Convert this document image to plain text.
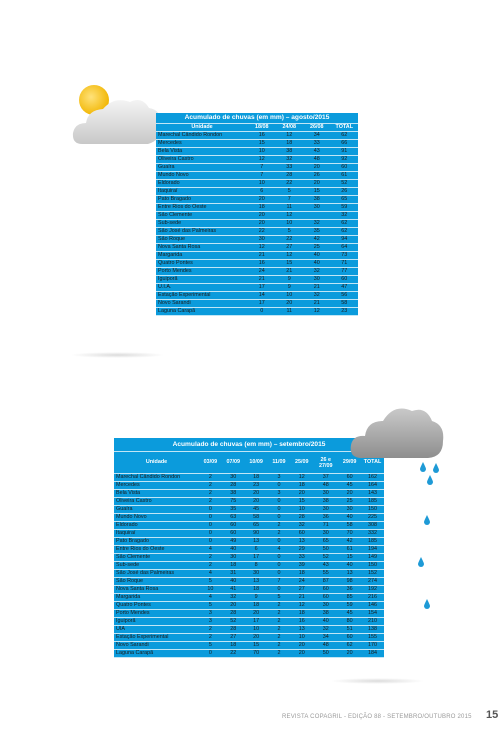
Acumulado de chuvas (em mm) – agosto/2015				
Unidade	18/08	24/08	26/08	TOTAL
Marechal Cândido Rondon	16	12	34	62
Mercedes	15	18	33	66
Bela Vista	10	38	43	91
Oliveira Castro	12	32	48	92
Guaíra	7	33	20	60
Mundo Novo	7	28	26	61
Eldorado	10	22	20	52
Itaquiraí	6	5	15	26
Pato Bragado	20	7	38	65
Entre Rios do Oeste	18	11	30	59
São Clemente	20	12		32
Sub-sede	20	10	32	62
São José das Palmeiras	22	5	35	62
São Roque	30	22	42	94
Nova Santa Rosa	12	27	25	64
Margarida	21	12	40	73
Quatro Pontes	16	15	40	71
Porto Mendes	24	21	32	77
Iguiporã	21	9	30	60
U.I.A.	17	9	21	47
Estação Experimental	14	10	32	56
Novo Sarandi	17	20	21	58
Laguna Carapã	0	11	12	23
Acumulado de chuvas (em mm) – setembro/2015								
Unidade	03/09	07/09	10/09	11/09	25/09	26 e 27/09	29/09	TOTAL
Marechal Cândido Rondon	2	30	18	3	12	37	60	162
Mercedes	2	28	23	0	18	48	45	164
Bela Vista	2	38	20	3	20	30	20	143
Oliveira Castro	2	75	20	0	15	38	25	185
Guaíra	0	35	45	0	10	30	30	150
Mundo Novo	0	63	58	0	28	36	40	225
Eldorado	0	60	65	2	32	71	58	308
Itaquiraí	0	60	90	2	60	30	70	332
Pato Bragado	0	49	13	0	13	65	42	185
Entre Rios do Oeste	4	40	6	4	29	50	61	194
São Clemente	2	30	17	0	33	52	15	149
Sub-sede	2	18	8	0	39	43	40	150
São José das Palmeiras	4	31	30	0	18	55	13	152
São Roque	5	40	13	7	24	87	98	274
Nova Santa Rosa	10	41	18	0	27	60	36	192
Margarida	4	32	9	5	21	60	85	216
Quatro Pontes	5	20	18	2	12	30	59	146
Porto Mendes	3	28	20	2	18	38	45	154
Iguiporã	3	52	17	2	16	40	80	210
UIA	2	28	10	2	13	32	51	138
Estação Experimental	2	27	20	2	10	34	60	155
Novo Sarandi	5	18	15	2	20	48	62	170
Laguna Carapã	0	22	70	2	20	50	20	184
REVISTA COPAGRIL - EDIÇÃO 88 - SETEMBRO/OUTUBRO 2015 15
